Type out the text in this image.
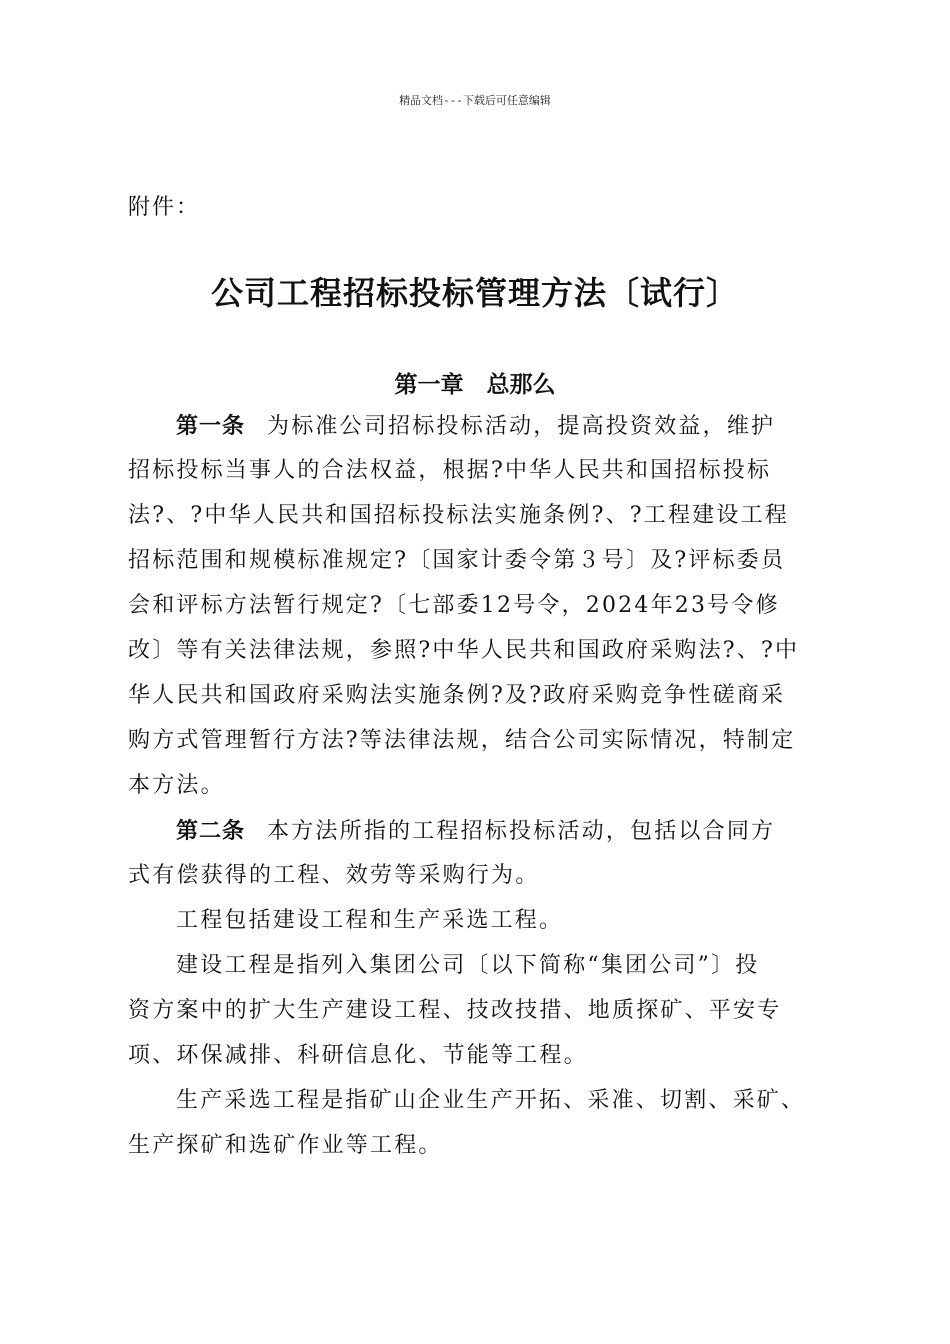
精品文档---下载后可任意编辑
附件：
公司工程招标投标管理方法〔试行〕
第一章　总那么
第一条 为标准公司招标投标活动，提高投资效益，维护
招标投标当事人的合法权益，根据?中华人民共和国招标投标
法?、?中华人民共和国招标投标法实施条例?、?工程建设工程
招标范围和规模标准规定?〔国家计委令第３号〕及?评标委员
会和评标方法暂行规定?〔七部委12号令，2024年23号令修
改〕等有关法律法规，参照?中华人民共和国政府采购法?、?中
华人民共和国政府采购法实施条例?及?政府采购竞争性磋商采
购方式管理暂行方法?等法律法规，结合公司实际情况，特制定
本方法。
第二条 本方法所指的工程招标投标活动，包括以合同方
式有偿获得的工程、效劳等采购行为。
工程包括建设工程和生产采选工程。
建设工程是指列入集团公司〔以下简称“集团公司”〕投
资方案中的扩大生产建设工程、技改技措、地质探矿、平安专
项、环保减排、科研信息化、节能等工程。
生产采选工程是指矿山企业生产开拓、采准、切割、采矿、
生产探矿和选矿作业等工程。
